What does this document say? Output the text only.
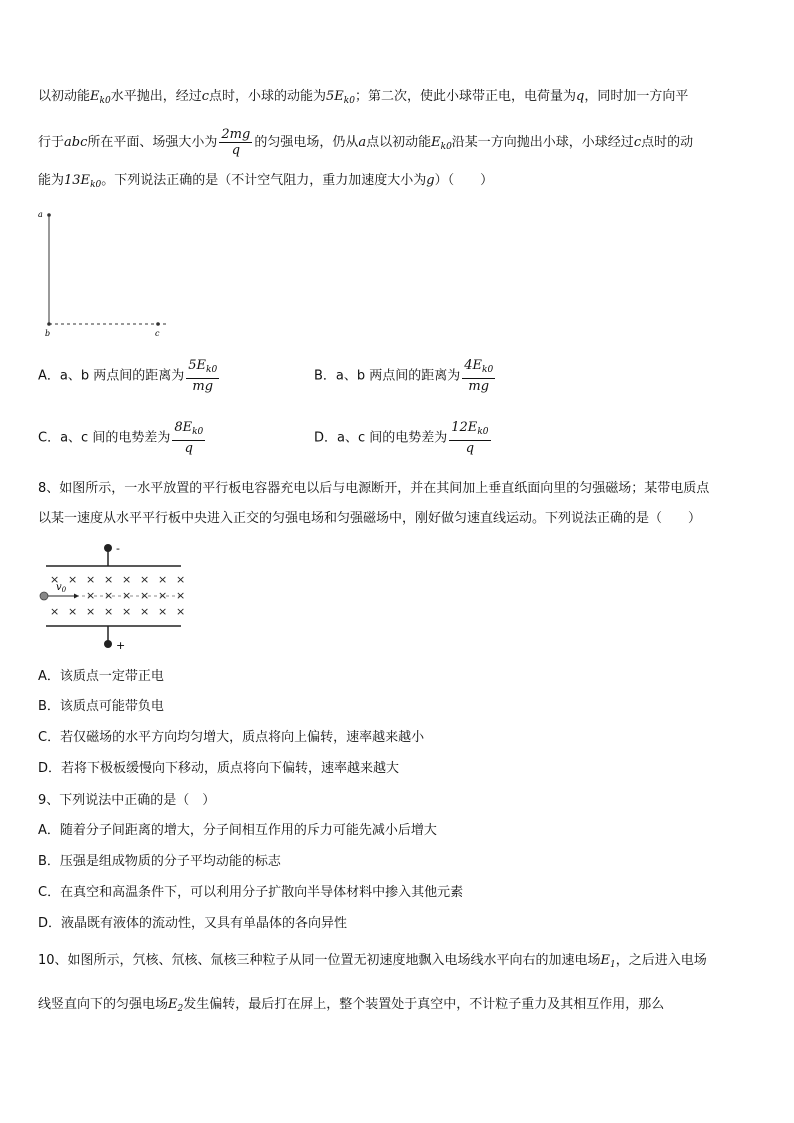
以初动能$E_{k0}$水平抛出，经过c点时，小球的动能为$5E_{k0}$；第二次，使此小球带正电，电荷量为q，同时加一方向平
行于abc所在平面、场强大小为 $\frac{2mg}{q}$ 的匀强电场，仍从a点以初动能$E_{k0}$沿某一方向抛出小球，小球经过c点时的动
能为$13E_{k0}$。下列说法正确的是（不计空气阻力，重力加速度大小为g）（　　）
a
b	c
A．a、b 两点间的距离为 $\frac{5E_{k0}}{mg}$	B．a、b 两点间的距离为 $\frac{4E_{k0}}{mg}$
C．a、c 间的电势差为 $\frac{8E_{k0}}{q}$	D．a、c 间的电势差为 $\frac{12E_{k0}}{q}$
8、如图所示，一水平放置的平行板电容器充电以后与电源断开，并在其间加上垂直纸面向里的匀强磁场；某带电质点
以某一速度从水平平行板中央进入正交的匀强电场和匀强磁场中，刚好做匀速直线运动。下列说法正确的是（　　）
-
+
× × × × × × × ×
× × × × × ×
× × × × × × × ×
$v_0$
A．该质点一定带正电
B．该质点可能带负电
C．若仅磁场的水平方向均匀增大，质点将向上偏转，速率越来越小
D．若将下极板缓慢向下移动，质点将向下偏转，速率越来越大
9、下列说法中正确的是（　）
A．随着分子间距离的增大，分子间相互作用的斥力可能先减小后增大
B．压强是组成物质的分子平均动能的标志
C．在真空和高温条件下，可以利用分子扩散向半导体材料中掺入其他元素
D．液晶既有液体的流动性，又具有单晶体的各向异性
10、如图所示，氕核、氘核、氚核三种粒子从同一位置无初速度地飘入电场线水平向右的加速电场$E_1$，之后进入电场
线竖直向下的匀强电场$E_2$发生偏转，最后打在屏上，整个装置处于真空中，不计粒子重力及其相互作用，那么
